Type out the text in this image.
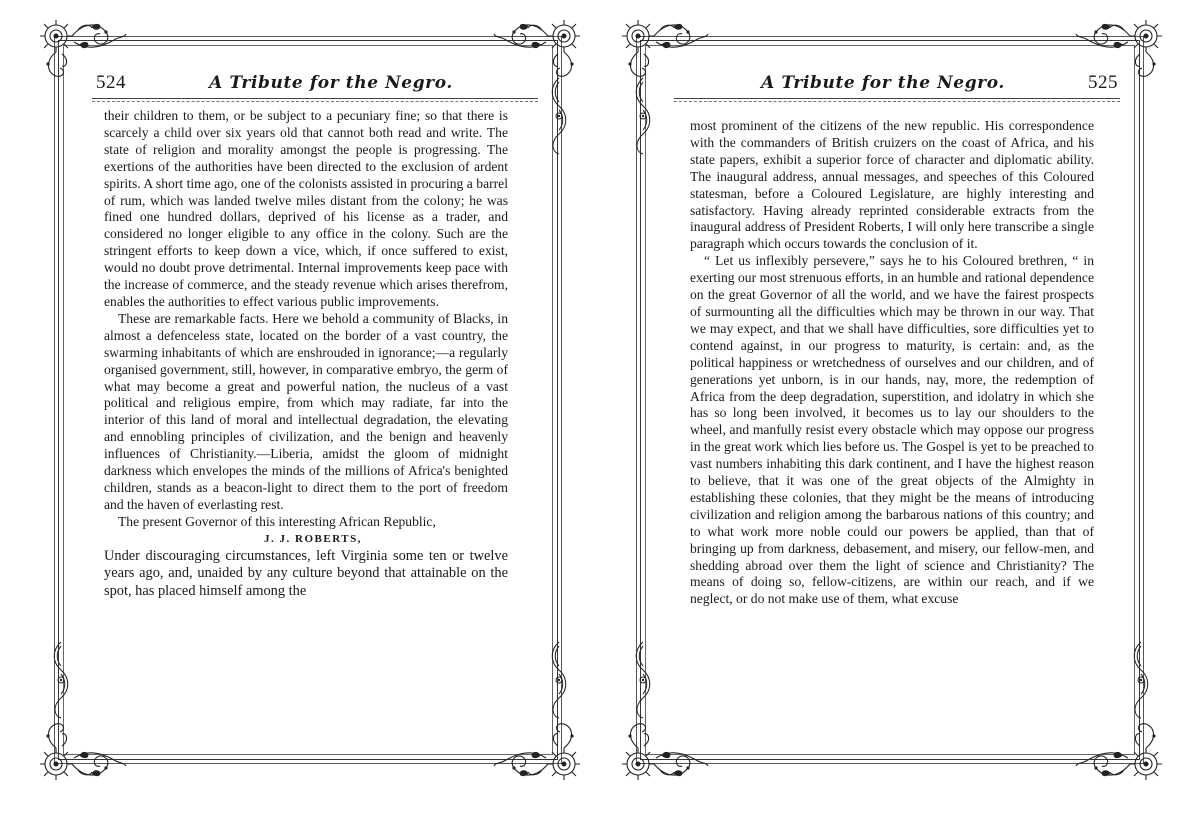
524	A Tribute for the Negro.

their children to them, or be subject to a pecuniary fine; so that there is scarcely a child over six years old that cannot both read and write. The state of religion and morality amongst the people is progressing. The exertions of the authorities have been directed to the exclusion of ardent spirits. A short time ago, one of the colonists assisted in procuring a barrel of rum, which was landed twelve miles distant from the colony; he was fined one hundred dollars, deprived of his license as a trader, and considered no longer eligible to any office in the colony. Such are the stringent efforts to keep down a vice, which, if once suffered to exist, would no doubt prove detrimental. Internal improvements keep pace with the increase of commerce, and the steady revenue which arises therefrom, enables the authorities to effect various public improvements.

These are remarkable facts. Here we behold a community of Blacks, in almost a defenceless state, located on the border of a vast country, the swarming inhabitants of which are enshrouded in ignorance;—a regularly organised government, still, however, in comparative embryo, the germ of what may become a great and powerful nation, the nucleus of a vast political and religious empire, from which may radiate, far into the interior of this land of moral and intellectual degradation, the elevating and ennobling principles of civilization, and the benign and heavenly influences of Christianity.—Liberia, amidst the gloom of midnight darkness which envelopes the minds of the millions of Africa's benighted children, stands as a beacon-light to direct them to the port of freedom and the haven of everlasting rest.

The present Governor of this interesting African Republic,

J. J. ROBERTS,

Under discouraging circumstances, left Virginia some ten or twelve years ago, and, unaided by any culture beyond that attainable on the spot, has placed himself among the

A Tribute for the Negro.	525

most prominent of the citizens of the new republic. His correspondence with the commanders of British cruizers on the coast of Africa, and his state papers, exhibit a superior force of character and diplomatic ability. The inaugural address, annual messages, and speeches of this Coloured statesman, before a Coloured Legislature, are highly interesting and satisfactory. Having already reprinted considerable extracts from the inaugural address of President Roberts, I will only here transcribe a single paragraph which occurs towards the conclusion of it.

“ Let us inflexibly persevere,” says he to his Coloured brethren, “ in exerting our most strenuous efforts, in an humble and rational dependence on the great Governor of all the world, and we have the fairest prospects of surmounting all the difficulties which may be thrown in our way. That we may expect, and that we shall have difficulties, sore difficulties yet to contend against, in our progress to maturity, is certain: and, as the political happiness or wretchedness of ourselves and our children, and of generations yet unborn, is in our hands, nay, more, the redemption of Africa from the deep degradation, superstition, and idolatry in which she has so long been involved, it becomes us to lay our shoulders to the wheel, and manfully resist every obstacle which may oppose our progress in the great work which lies before us. The Gospel is yet to be preached to vast numbers inhabiting this dark continent, and I have the highest reason to believe, that it was one of the great objects of the Almighty in establishing these colonies, that they might be the means of introducing civilization and religion among the barbarous nations of this country; and to what work more noble could our powers be applied, than that of bringing up from darkness, debasement, and misery, our fellow-men, and shedding abroad over them the light of science and Christianity? The means of doing so, fellow-citizens, are within our reach, and if we neglect, or do not make use of them, what excuse
